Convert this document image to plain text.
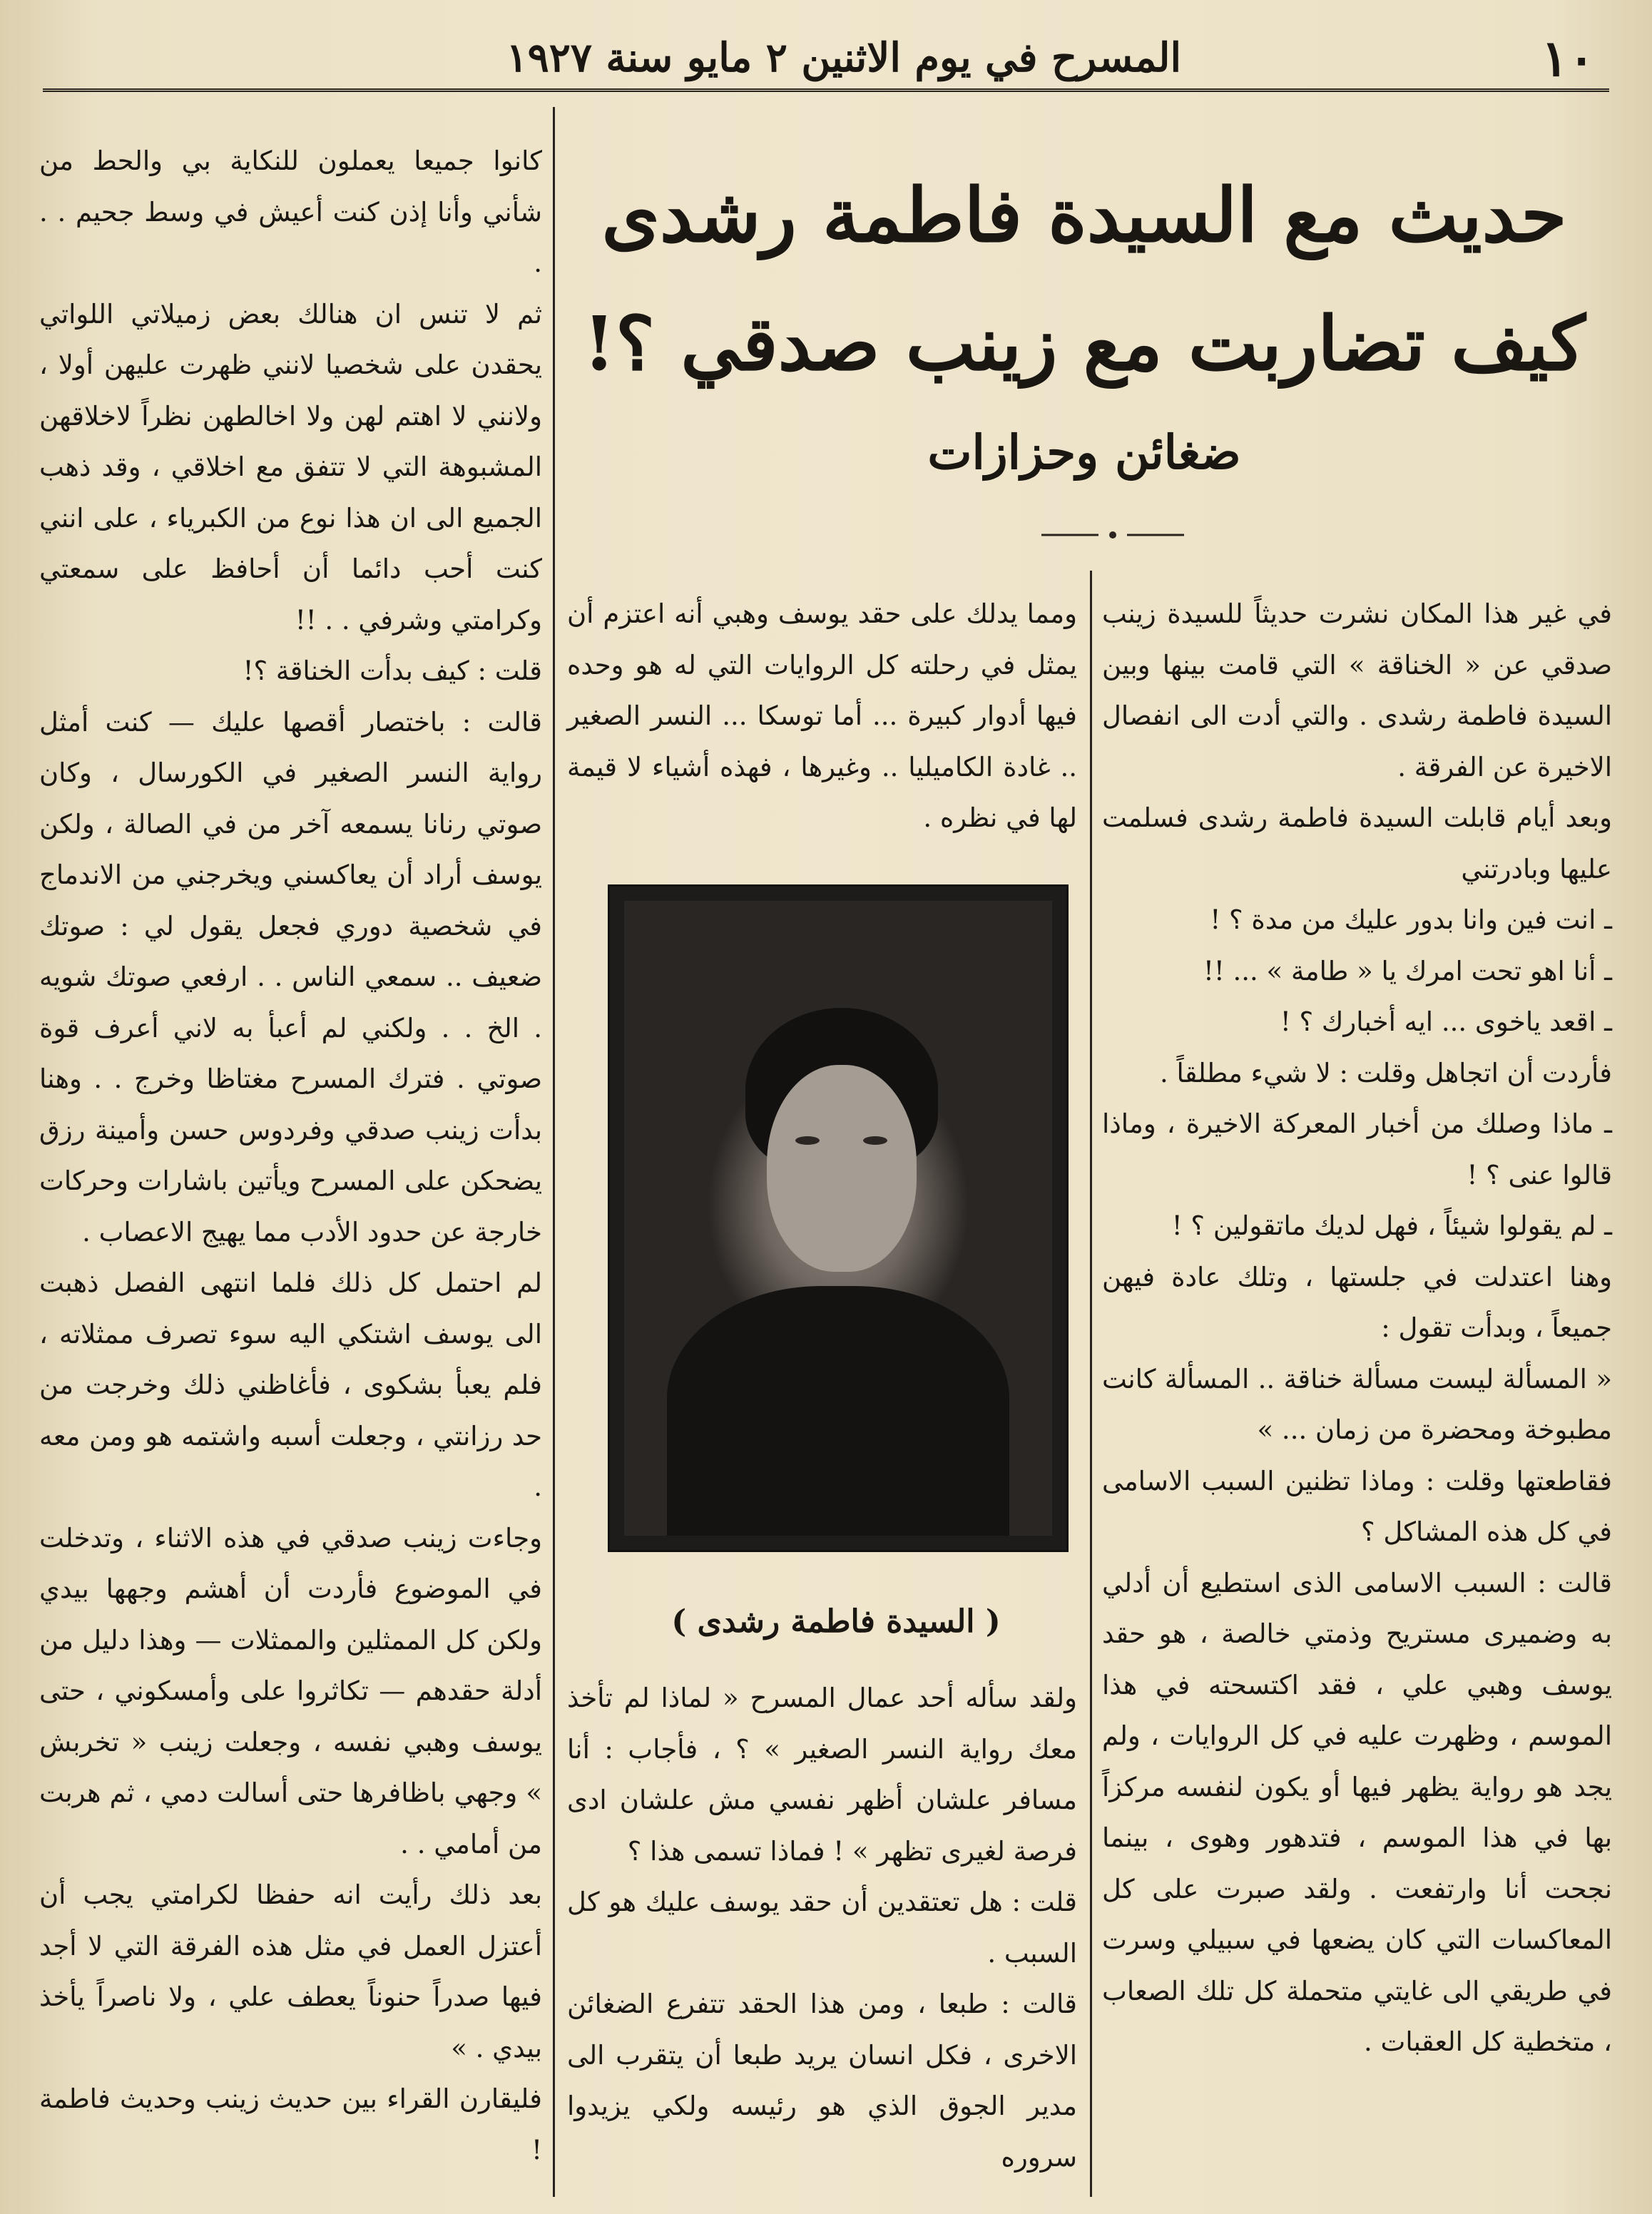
١٠
المسرح في يوم الاثنين ٢ مايو سنة ١٩٢٧
حديث مع السيدة فاطمة رشدى
كيف تضاربت مع زينب صدقي ؟!
ضغائن وحزازات

في غير هذا المكان نشرت حديثاً للسيدة زينب صدقي عن « الخناقة » التي قامت بينها وبين السيدة فاطمة رشدى . والتي أدت الى انفصال الاخيرة عن الفرقة .

وبعد أيام قابلت السيدة فاطمة رشدى فسلمت عليها وبادرتني

ـ انت فين وانا بدور عليك من مدة ؟ !

ـ أنا اهو تحت امرك يا « طامة » ... !!

ـ اقعد ياخوى ... ايه أخبارك ؟ !

فأردت أن اتجاهل وقلت : لا شيء مطلقاً .

ـ ماذا وصلك من أخبار المعركة الاخيرة ، وماذا قالوا عنى ؟ !

ـ لم يقولوا شيئاً ، فهل لديك ماتقولين ؟ !

وهنا اعتدلت في جلستها ، وتلك عادة فيهن جميعاً ، وبدأت تقول :

« المسألة ليست مسألة خناقة .. المسألة كانت مطبوخة ومحضرة من زمان ... »

فقاطعتها وقلت : وماذا تظنين السبب الاسامى في كل هذه المشاكل ؟

قالت : السبب الاسامى الذى استطيع أن أدلي به وضميرى مستريح وذمتي خالصة ، هو حقد يوسف وهبي علي ، فقد اكتسحته في هذا الموسم ، وظهرت عليه في كل الروايات ، ولم يجد هو رواية يظهر فيها أو يكون لنفسه مركزاً بها في هذا الموسم ، فتدهور وهوى ، بينما نجحت أنا وارتفعت . ولقد صبرت على كل المعاكسات التي كان يضعها في سبيلي وسرت في طريقي الى غايتي متحملة كل تلك الصعاب ، متخطية كل العقبات .

ومما يدلك على حقد يوسف وهبي أنه اعتزم أن يمثل في رحلته كل الروايات التي له هو وحده فيها أدوار كبيرة ... أما توسكا ... النسر الصغير .. غادة الكاميليا .. وغيرها ، فهذه أشياء لا قيمة لها في نظره .

( السيدة فاطمة رشدى )

ولقد سأله أحد عمال المسرح « لماذا لم تأخذ معك رواية النسر الصغير » ؟ ، فأجاب : أنا مسافر علشان أظهر نفسي مش علشان ادى فرصة لغيرى تظهر » ! فماذا تسمى هذا ؟

قلت : هل تعتقدين أن حقد يوسف عليك هو كل السبب .

قالت : طبعا ، ومن هذا الحقد تتفرع الضغائن الاخرى ، فكل انسان يريد طبعا أن يتقرب الى مدير الجوق الذي هو رئيسه ولكي يزيدوا سروره

كانوا جميعا يعملون للنكاية بي والحط من شأني وأنا إذن كنت أعيش في وسط جحيم . . .

ثم لا تنس ان هنالك بعض زميلاتي اللواتي يحقدن على شخصيا لانني ظهرت عليهن أولا ، ولانني لا اهتم لهن ولا اخالطهن نظراً لاخلاقهن المشبوهة التي لا تتفق مع اخلاقي ، وقد ذهب الجميع الى ان هذا نوع من الكبرياء ، على انني كنت أحب دائما أن أحافظ على سمعتي وكرامتي وشرفي . . !!

قلت : كيف بدأت الخناقة ؟!

قالت : باختصار أقصها عليك — كنت أمثل رواية النسر الصغير في الكورسال ، وكان صوتي رنانا يسمعه آخر من في الصالة ، ولكن يوسف أراد أن يعاكسني ويخرجني من الاندماج في شخصية دوري فجعل يقول لي : صوتك ضعيف .. سمعي الناس . . ارفعي صوتك شويه . الخ . . ولكني لم أعبأ به لاني أعرف قوة صوتي . فترك المسرح مغتاظا وخرج . . وهنا بدأت زينب صدقي وفردوس حسن وأمينة رزق يضحكن على المسرح ويأتين باشارات وحركات خارجة عن حدود الأدب مما يهيج الاعصاب .

لم احتمل كل ذلك فلما انتهى الفصل ذهبت الى يوسف اشتكي اليه سوء تصرف ممثلاته ، فلم يعبأ بشكوى ، فأغاظني ذلك وخرجت من حد رزانتي ، وجعلت أسبه واشتمه هو ومن معه .

وجاءت زينب صدقي في هذه الاثناء ، وتدخلت في الموضوع فأردت أن أهشم وجهها بيدي ولكن كل الممثلين والممثلات — وهذا دليل من أدلة حقدهم — تكاثروا على وأمسكوني ، حتى يوسف وهبي نفسه ، وجعلت زينب « تخربش » وجهي باظافرها حتى أسالت دمي ، ثم هربت من أمامي . .

بعد ذلك رأيت انه حفظا لكرامتي يجب أن أعتزل العمل في مثل هذه الفرقة التي لا أجد فيها صدراً حنوناً يعطف علي ، ولا ناصراً يأخذ بيدي . »

فليقارن القراء بين حديث زينب وحديث فاطمة !
